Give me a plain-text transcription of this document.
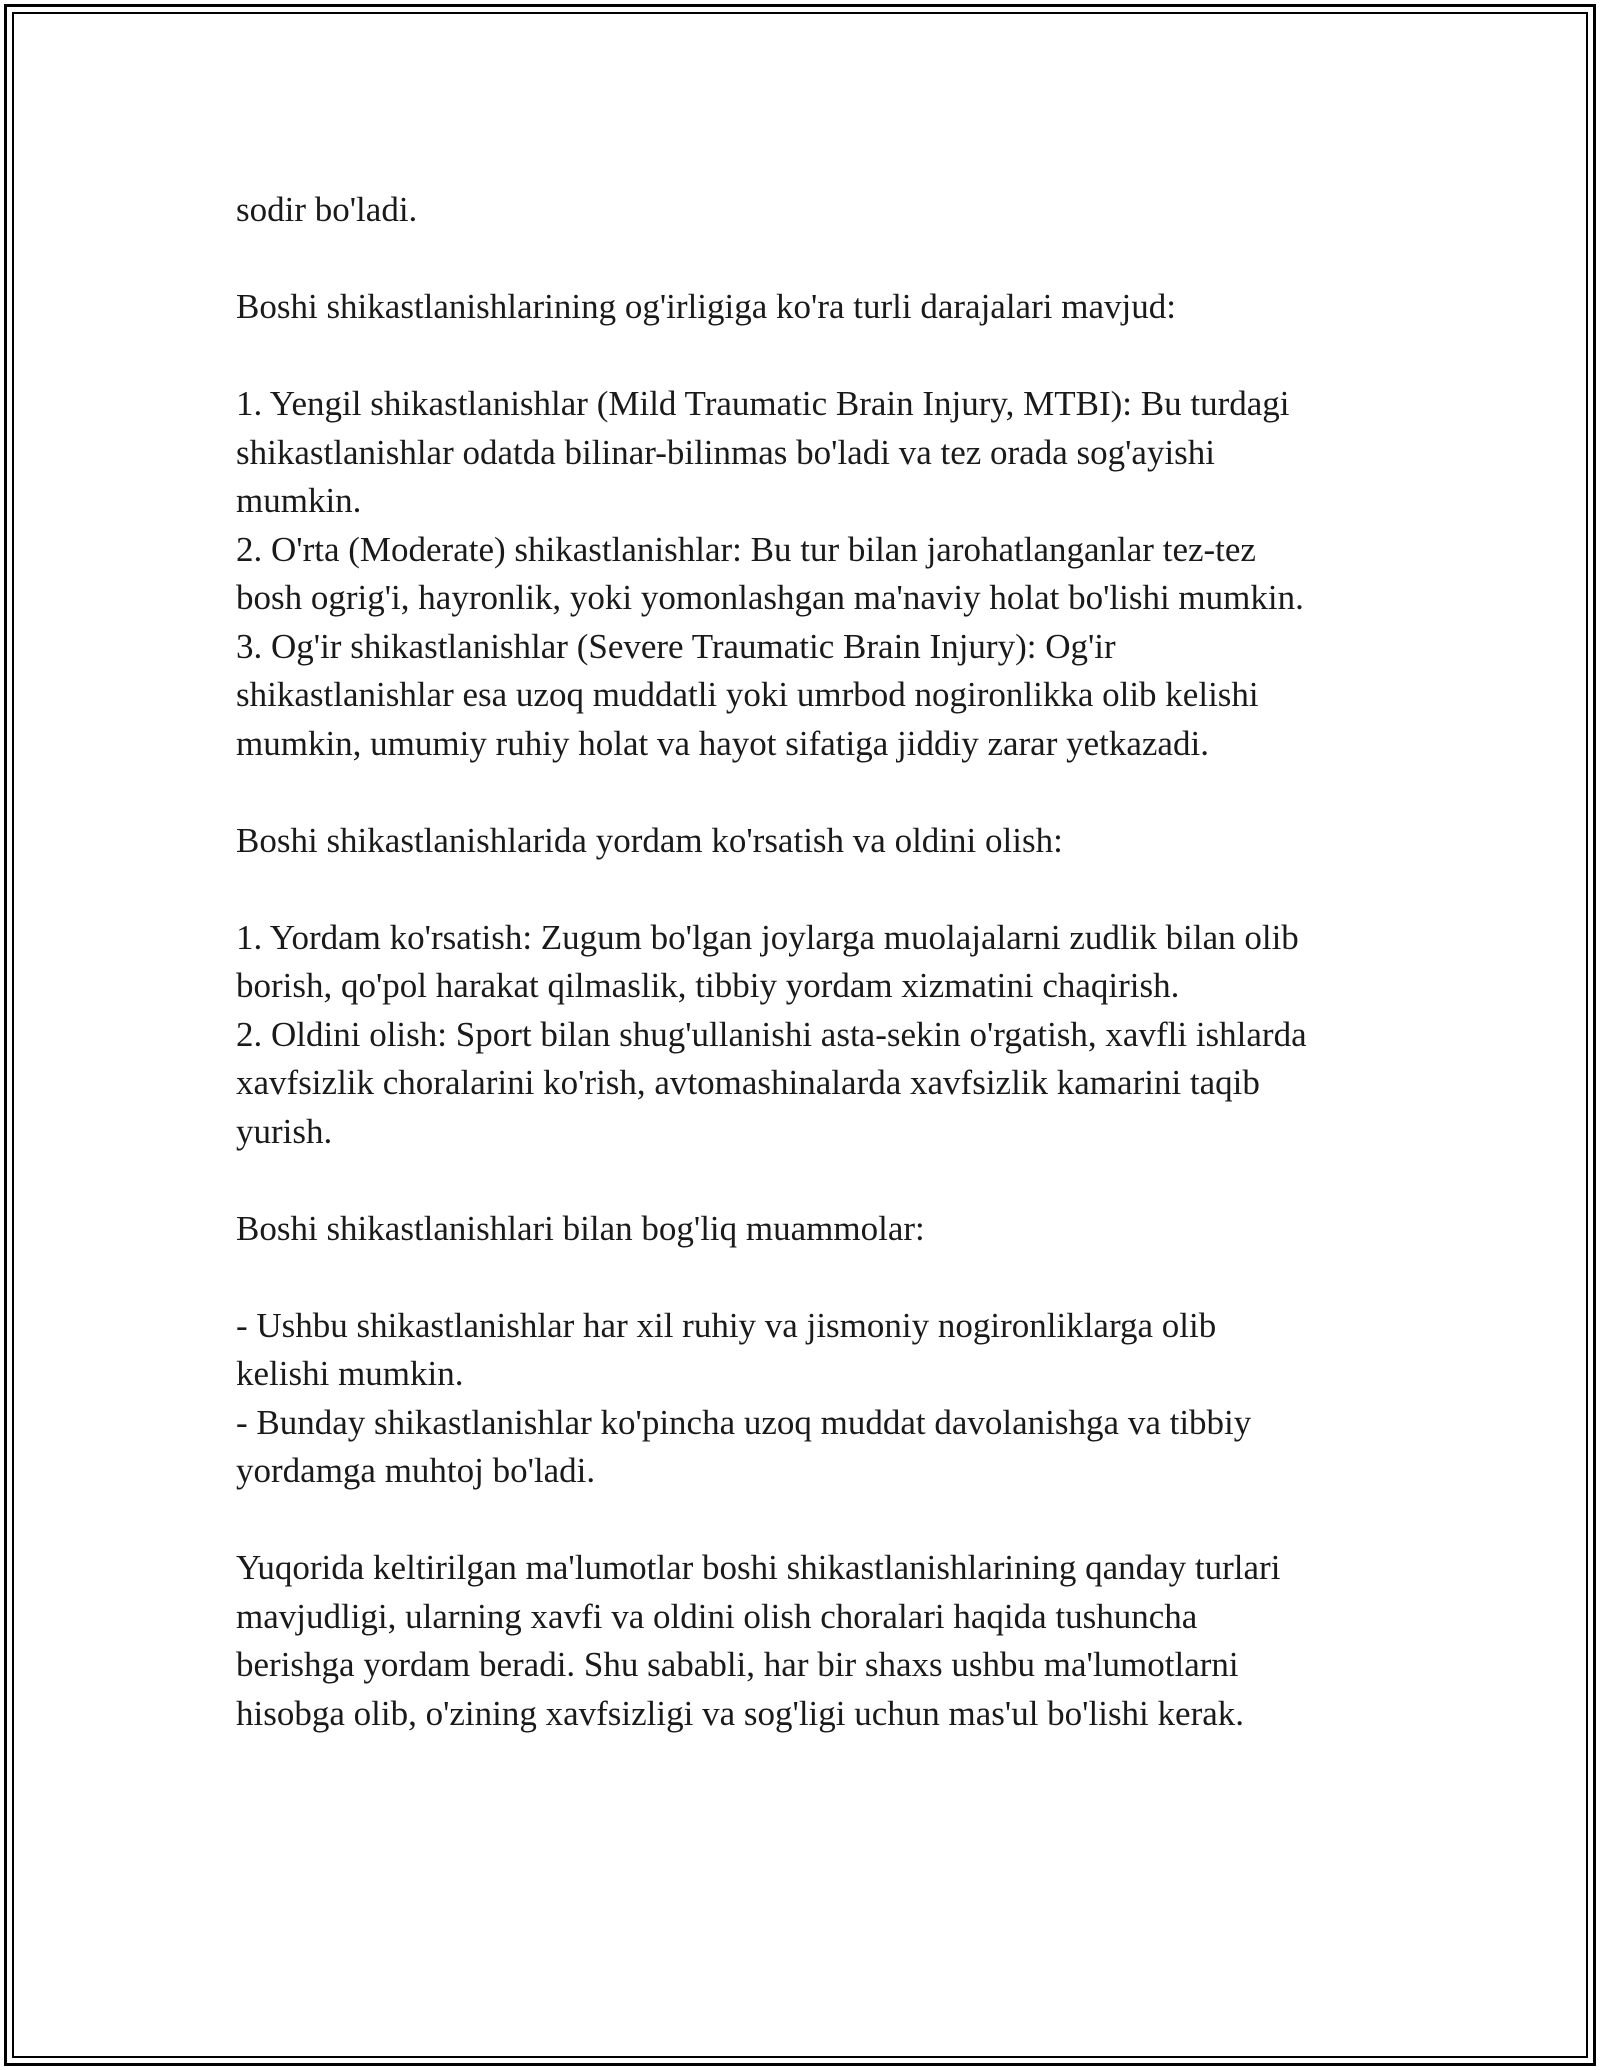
sodir bo'ladi.

Boshi shikastlanishlarining og'irligiga ko'ra turli darajalari mavjud:

1. Yengil shikastlanishlar (Mild Traumatic Brain Injury, MTBI): Bu turdagi
shikastlanishlar odatda bilinar-bilinmas bo'ladi va tez orada sog'ayishi
mumkin.

2. O'rta (Moderate) shikastlanishlar: Bu tur bilan jarohatlanganlar tez-tez
bosh ogrig'i, hayronlik, yoki yomonlashgan ma'naviy holat bo'lishi mumkin.

3. Og'ir shikastlanishlar (Severe Traumatic Brain Injury): Og'ir
shikastlanishlar esa uzoq muddatli yoki umrbod nogironlikka olib kelishi
mumkin, umumiy ruhiy holat va hayot sifatiga jiddiy zarar yetkazadi.

Boshi shikastlanishlarida yordam ko'rsatish va oldini olish:

1. Yordam ko'rsatish: Zugum bo'lgan joylarga muolajalarni zudlik bilan olib
borish, qo'pol harakat qilmaslik, tibbiy yordam xizmatini chaqirish.

2. Oldini olish: Sport bilan shug'ullanishi asta-sekin o'rgatish, xavfli ishlarda
xavfsizlik choralarini ko'rish, avtomashinalarda xavfsizlik kamarini taqib
yurish.

Boshi shikastlanishlari bilan bog'liq muammolar:

- Ushbu shikastlanishlar har xil ruhiy va jismoniy nogironliklarga olib
kelishi mumkin.

- Bunday shikastlanishlar ko'pincha uzoq muddat davolanishga va tibbiy
yordamga muhtoj bo'ladi.

Yuqorida keltirilgan ma'lumotlar boshi shikastlanishlarining qanday turlari
mavjudligi, ularning xavfi va oldini olish choralari haqida tushuncha
berishga yordam beradi. Shu sababli, har bir shaxs ushbu ma'lumotlarni
hisobga olib, o'zining xavfsizligi va sog'ligi uchun mas'ul bo'lishi kerak.
